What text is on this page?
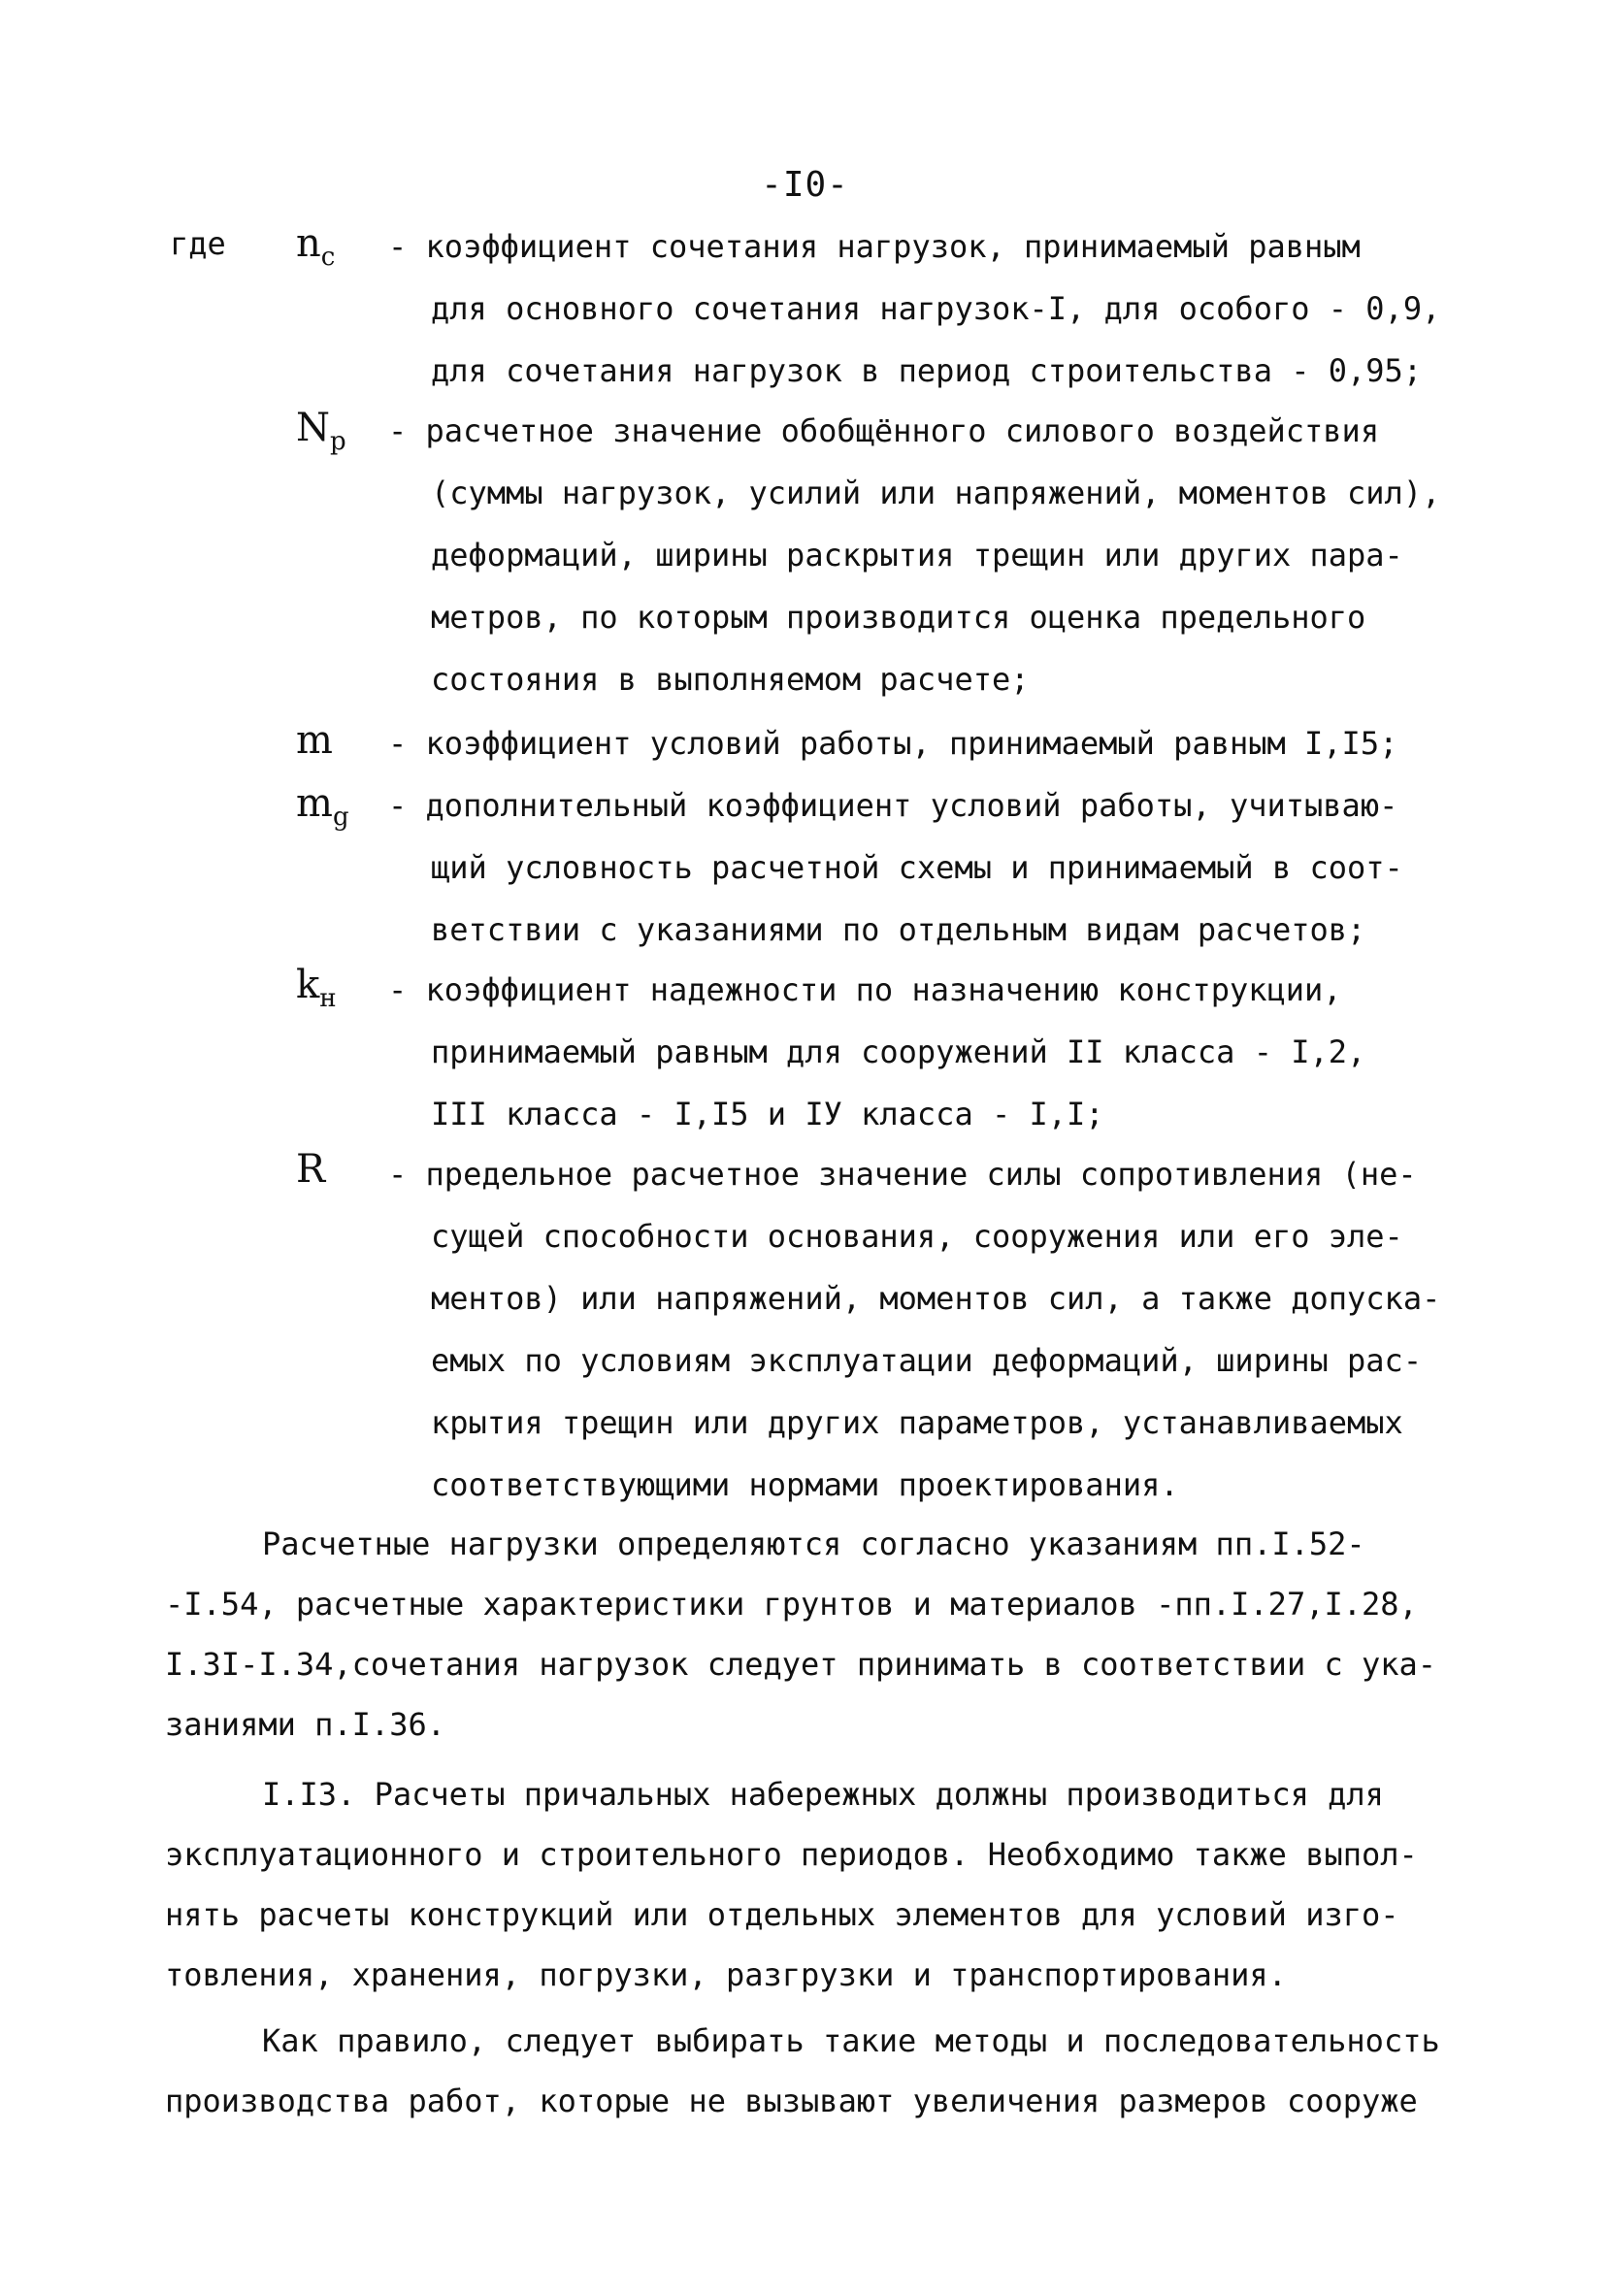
-I0-
где $n_c$ - коэффициент сочетания нагрузок, принимаемый равным
для основного сочетания нагрузок-I, для особого - 0,9,
для сочетания нагрузок в период строительства - 0,95;
$N_p$ - расчетное значение обобщённого силового воздействия
(суммы нагрузок, усилий или напряжений, моментов сил),
деформаций, ширины раскрытия трещин или других пара-
метров, по которым производится оценка предельного
состояния в выполняемом расчете;
m - коэффициент условий работы, принимаемый равным I,I5;
$m_g$ - дополнительный коэффициент условий работы, учитываю-
щий условность расчетной схемы и принимаемый в соот-
ветствии с указаниями по отдельным видам расчетов;
$k_н$ - коэффициент надежности по назначению конструкции,
принимаемый равным для сооружений II класса - I,2,
III класса - I,I5 и IУ класса - I,I;
R - предельное расчетное значение силы сопротивления (не-
сущей способности основания, сооружения или его эле-
ментов) или напряжений, моментов сил, а также допуска-
емых по условиям эксплуатации деформаций, ширины рас-
крытия трещин или других параметров, устанавливаемых
соответствующими нормами проектирования.
Расчетные нагрузки определяются согласно указаниям пп.I.52-
-I.54, расчетные характеристики грунтов и материалов -пп.I.27,I.28,
I.3I-I.34,сочетания нагрузок следует принимать в соответствии с ука-
заниями п.I.36.
I.I3. Расчеты причальных набережных должны производиться для
эксплуатационного и строительного периодов. Необходимо также выпол-
нять расчеты конструкций или отдельных элементов для условий изго-
товления, хранения, погрузки, разгрузки и транспортирования.
Как правило, следует выбирать такие методы и последовательность
производства работ, которые не вызывают увеличения размеров сооруже
